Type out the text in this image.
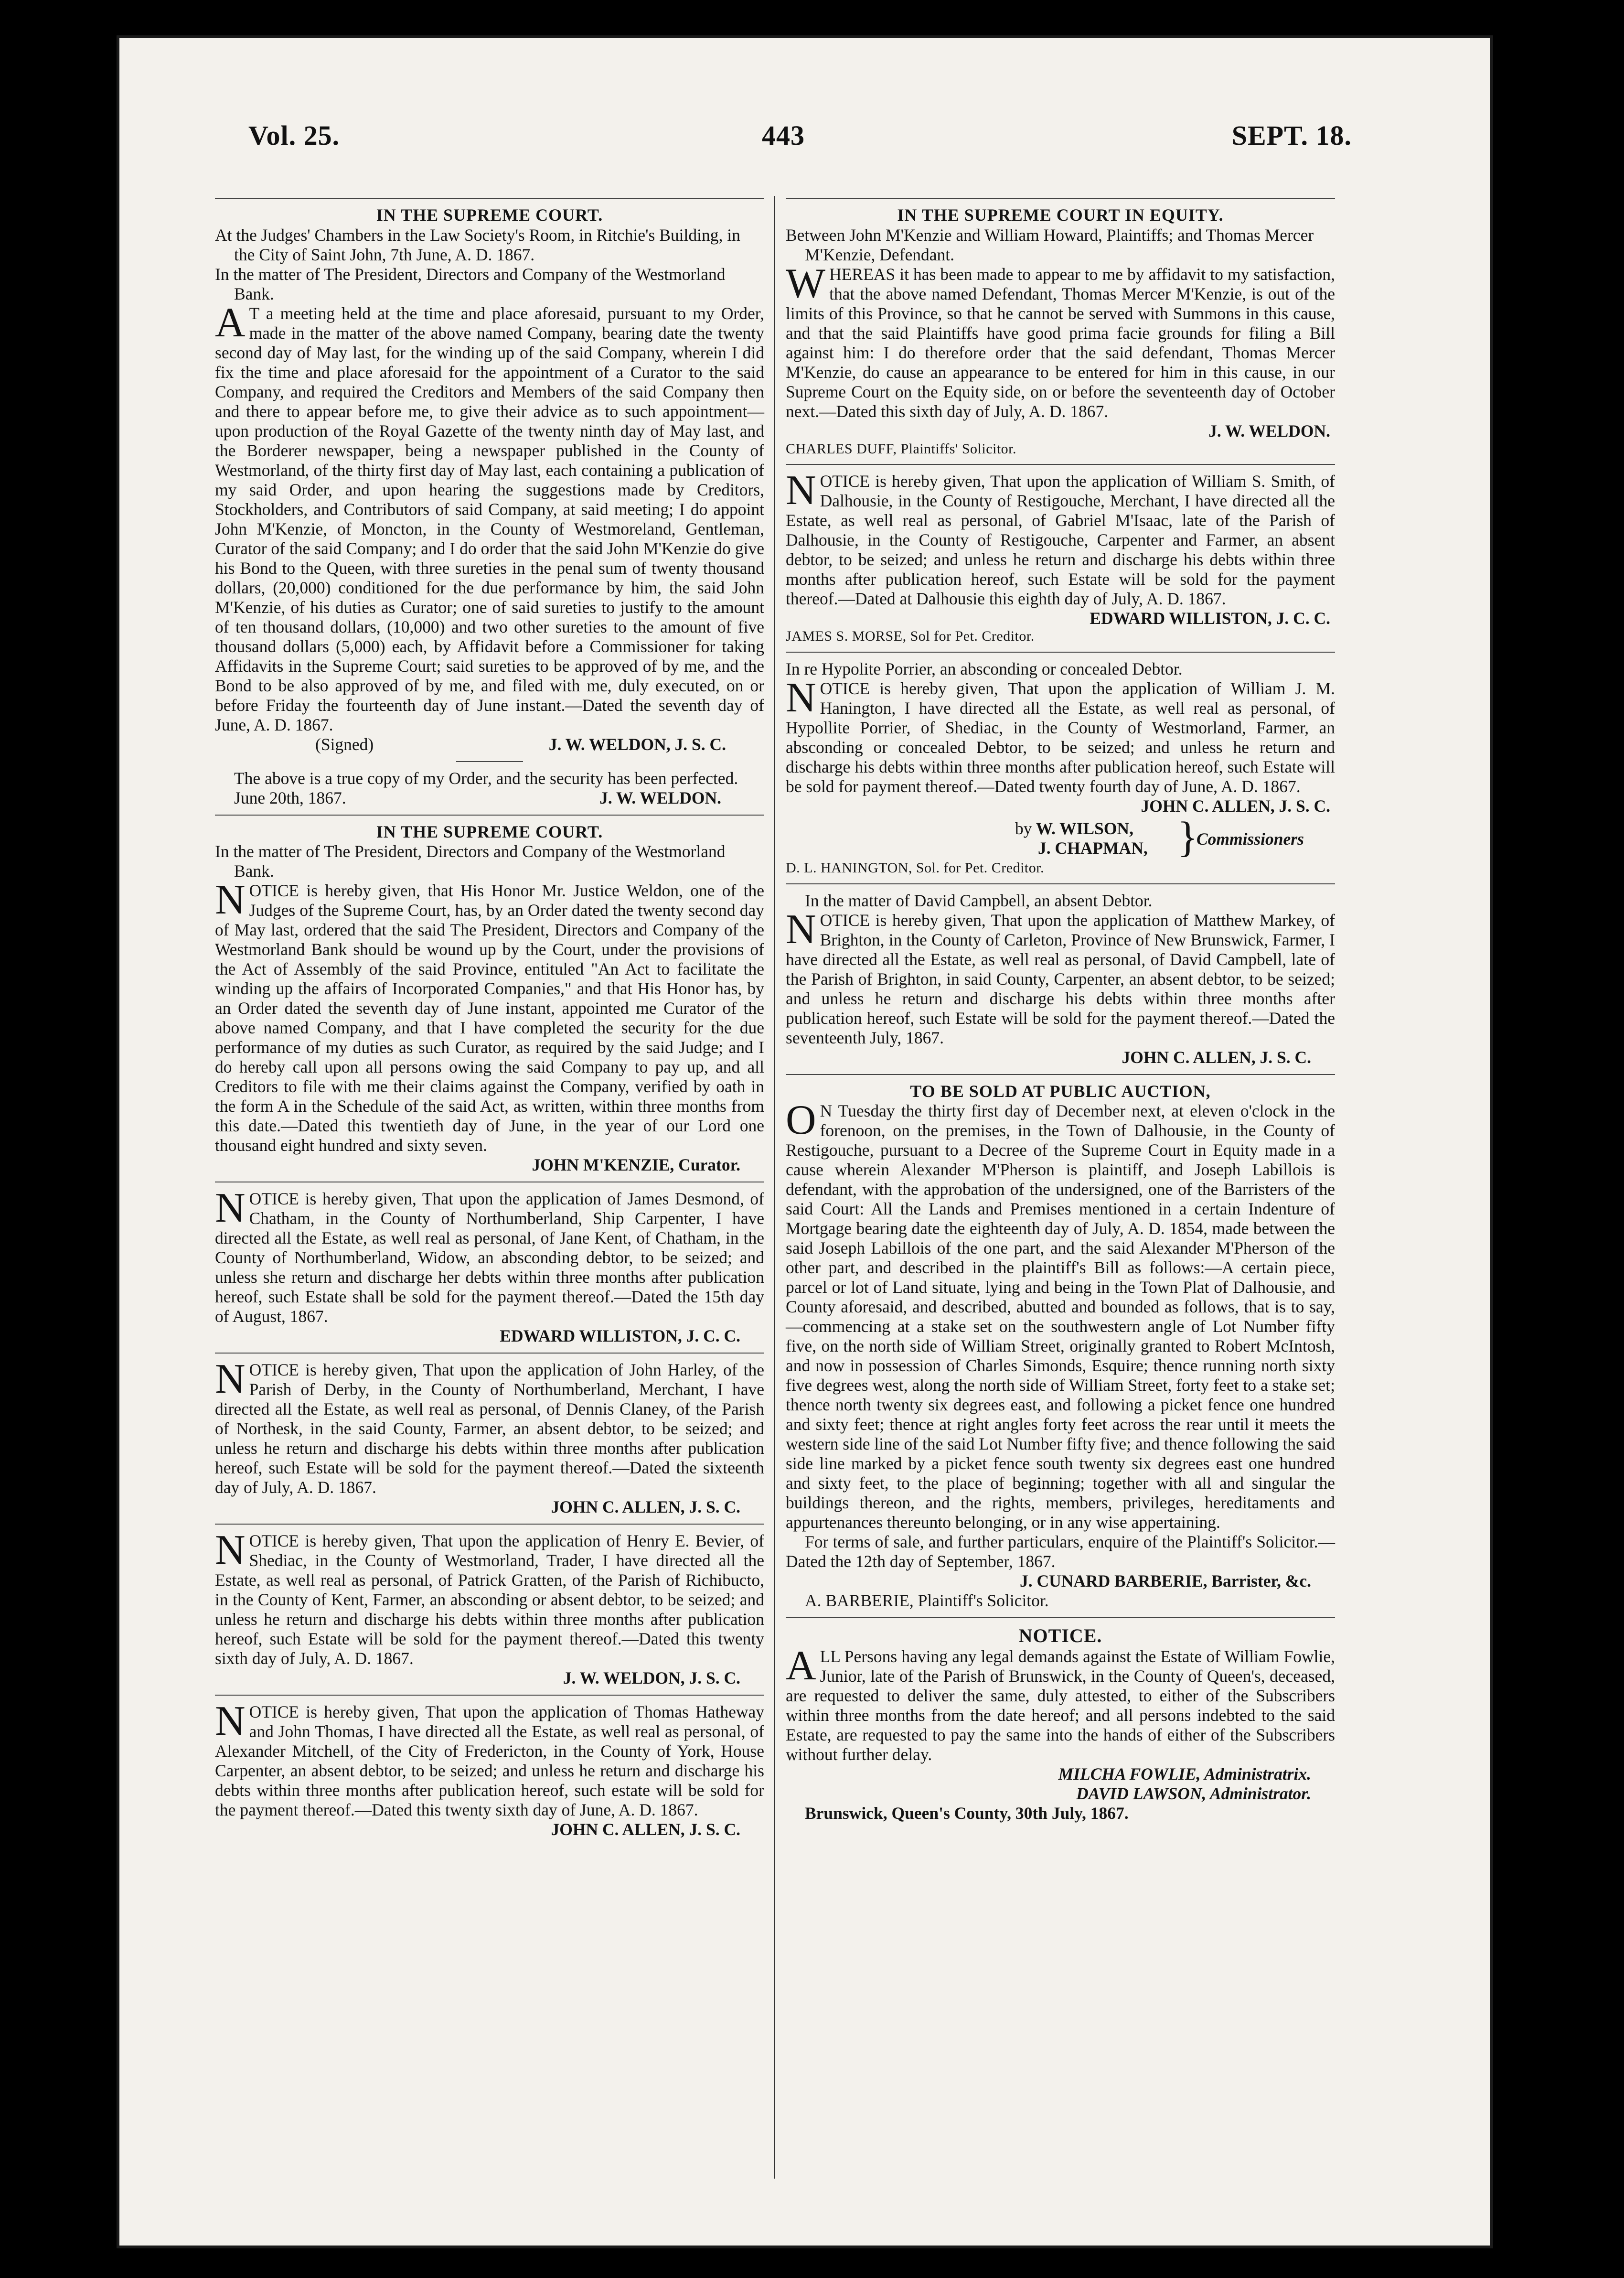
Vol. 25.	443	SEPT. 18.

IN THE SUPREME COURT.

At the Judges' Chambers in the Law Society's Room, in Ritchie's Building, in the City of Saint John, 7th June, A. D. 1867.

In the matter of The President, Directors and Company of the Westmorland Bank.

AT a meeting held at the time and place aforesaid, pursuant to my Order, made in the matter of the above named Company, bearing date the twenty second day of May last, for the winding up of the said Company, wherein I did fix the time and place aforesaid for the appointment of a Curator to the said Company, and required the Creditors and Members of the said Company then and there to appear before me, to give their advice as to such appointment—upon production of the Royal Gazette of the twenty ninth day of May last, and the Borderer newspaper, being a newspaper published in the County of Westmorland, of the thirty first day of May last, each containing a publication of my said Order, and upon hearing the suggestions made by Creditors, Stockholders, and Contributors of said Company, at said meeting; I do appoint John M'Kenzie, of Moncton, in the County of Westmoreland, Gentleman, Curator of the said Company; and I do order that the said John M'Kenzie do give his Bond to the Queen, with three sureties in the penal sum of twenty thousand dollars, (20,000) conditioned for the due performance by him, the said John M'Kenzie, of his duties as Curator; one of said sureties to justify to the amount of ten thousand dollars, (10,000) and two other sureties to the amount of five thousand dollars (5,000) each, by Affidavit before a Commissioner for taking Affidavits in the Supreme Court; said sureties to be approved of by me, and the Bond to be also approved of by me, and filed with me, duly executed, on or before Friday the fourteenth day of June instant.—Dated the seventh day of June, A. D. 1867.

(Signed)	J. W. WELDON, J. S. C.

The above is a true copy of my Order, and the security has been perfected.

June 20th, 1867.	J. W. WELDON.

IN THE SUPREME COURT.

In the matter of The President, Directors and Company of the Westmorland Bank.

NOTICE is hereby given, that His Honor Mr. Justice Weldon, one of the Judges of the Supreme Court, has, by an Order dated the twenty second day of May last, ordered that the said The President, Directors and Company of the Westmorland Bank should be wound up by the Court, under the provisions of the Act of Assembly of the said Province, entituled "An Act to facilitate the winding up the affairs of Incorporated Companies," and that His Honor has, by an Order dated the seventh day of June instant, appointed me Curator of the above named Company, and that I have completed the security for the due performance of my duties as such Curator, as required by the said Judge; and I do hereby call upon all persons owing the said Company to pay up, and all Creditors to file with me their claims against the Company, verified by oath in the form A in the Schedule of the said Act, as written, within three months from this date.—Dated this twentieth day of June, in the year of our Lord one thousand eight hundred and sixty seven.

JOHN M'KENZIE, Curator.

NOTICE is hereby given, That upon the application of James Desmond, of Chatham, in the County of Northumberland, Ship Carpenter, I have directed all the Estate, as well real as personal, of Jane Kent, of Chatham, in the County of Northumberland, Widow, an absconding debtor, to be seized; and unless she return and discharge her debts within three months after publication hereof, such Estate shall be sold for the payment thereof.—Dated the 15th day of August, 1867.

EDWARD WILLISTON, J. C. C.

NOTICE is hereby given, That upon the application of John Harley, of the Parish of Derby, in the County of Northumberland, Merchant, I have directed all the Estate, as well real as personal, of Dennis Claney, of the Parish of Northesk, in the said County, Farmer, an absent debtor, to be seized; and unless he return and discharge his debts within three months after publication hereof, such Estate will be sold for the payment thereof.—Dated the sixteenth day of July, A. D. 1867.

JOHN C. ALLEN, J. S. C.

NOTICE is hereby given, That upon the application of Henry E. Bevier, of Shediac, in the County of Westmorland, Trader, I have directed all the Estate, as well real as personal, of Patrick Gratten, of the Parish of Richibucto, in the County of Kent, Farmer, an absconding or absent debtor, to be seized; and unless he return and discharge his debts within three months after publication hereof, such Estate will be sold for the payment thereof.—Dated this twenty sixth day of July, A. D. 1867.

J. W. WELDON, J. S. C.

NOTICE is hereby given, That upon the application of Thomas Hatheway and John Thomas, I have directed all the Estate, as well real as personal, of Alexander Mitchell, of the City of Fredericton, in the County of York, House Carpenter, an absent debtor, to be seized; and unless he return and discharge his debts within three months after publication hereof, such estate will be sold for the payment thereof.—Dated this twenty sixth day of June, A. D. 1867.

JOHN C. ALLEN, J. S. C.

IN THE SUPREME COURT IN EQUITY.

Between John M'Kenzie and William Howard, Plaintiffs; and Thomas Mercer M'Kenzie, Defendant.

WHEREAS it has been made to appear to me by affidavit to my satisfaction, that the above named Defendant, Thomas Mercer M'Kenzie, is out of the limits of this Province, so that he cannot be served with Summons in this cause, and that the said Plaintiffs have good prima facie grounds for filing a Bill against him: I do therefore order that the said defendant, Thomas Mercer M'Kenzie, do cause an appearance to be entered for him in this cause, in our Supreme Court on the Equity side, on or before the seventeenth day of October next.—Dated this sixth day of July, A. D. 1867.

J. W. WELDON.

CHARLES DUFF, Plaintiffs' Solicitor.

NOTICE is hereby given, That upon the application of William S. Smith, of Dalhousie, in the County of Restigouche, Merchant, I have directed all the Estate, as well real as personal, of Gabriel M'Isaac, late of the Parish of Dalhousie, in the County of Restigouche, Carpenter and Farmer, an absent debtor, to be seized; and unless he return and discharge his debts within three months after publication hereof, such Estate will be sold for the payment thereof.—Dated at Dalhousie this eighth day of July, A. D. 1867.

EDWARD WILLISTON, J. C. C.

JAMES S. MORSE, Sol for Pet. Creditor.

In re Hypolite Porrier, an absconding or concealed Debtor.

NOTICE is hereby given, That upon the application of William J. M. Hanington, I have directed all the Estate, as well real as personal, of Hypollite Porrier, of Shediac, in the County of Westmorland, Farmer, an absconding or concealed Debtor, to be seized; and unless he return and discharge his debts within three months after publication hereof, such Estate will be sold for payment thereof.—Dated twenty fourth day of June, A. D. 1867.

JOHN C. ALLEN, J. S. C.

by W. WILSON,
J. CHAPMAN, }
Commissioners

D. L. HANINGTON, Sol. for Pet. Creditor.

In the matter of David Campbell, an absent Debtor.

NOTICE is hereby given, That upon the application of Matthew Markey, of Brighton, in the County of Carleton, Province of New Brunswick, Farmer, I have directed all the Estate, as well real as personal, of David Campbell, late of the Parish of Brighton, in said County, Carpenter, an absent debtor, to be seized; and unless he return and discharge his debts within three months after publication hereof, such Estate will be sold for the payment thereof.—Dated the seventeenth July, 1867.

JOHN C. ALLEN, J. S. C.

TO BE SOLD AT PUBLIC AUCTION,

ON Tuesday the thirty first day of December next, at eleven o'clock in the forenoon, on the premises, in the Town of Dalhousie, in the County of Restigouche, pursuant to a Decree of the Supreme Court in Equity made in a cause wherein Alexander M'Pherson is plaintiff, and Joseph Labillois is defendant, with the approbation of the undersigned, one of the Barristers of the said Court: All the Lands and Premises mentioned in a certain Indenture of Mortgage bearing date the eighteenth day of July, A. D. 1854, made between the said Joseph Labillois of the one part, and the said Alexander M'Pherson of the other part, and described in the plaintiff's Bill as follows:—A certain piece, parcel or lot of Land situate, lying and being in the Town Plat of Dalhousie, and County aforesaid, and described, abutted and bounded as follows, that is to say,—commencing at a stake set on the southwestern angle of Lot Number fifty five, on the north side of William Street, originally granted to Robert McIntosh, and now in possession of Charles Simonds, Esquire; thence running north sixty five degrees west, along the north side of William Street, forty feet to a stake set; thence north twenty six degrees east, and following a picket fence one hundred and sixty feet; thence at right angles forty feet across the rear until it meets the western side line of the said Lot Number fifty five; and thence following the said side line marked by a picket fence south twenty six degrees east one hundred and sixty feet, to the place of beginning; together with all and singular the buildings thereon, and the rights, members, privileges, hereditaments and appurtenances thereunto belonging, or in any wise appertaining.

For terms of sale, and further particulars, enquire of the Plaintiff's Solicitor.—Dated the 12th day of September, 1867.

J. CUNARD BARBERIE, Barrister, &c.

A. BARBERIE, Plaintiff's Solicitor.

NOTICE.

ALL Persons having any legal demands against the Estate of William Fowlie, Junior, late of the Parish of Brunswick, in the County of Queen's, deceased, are requested to deliver the same, duly attested, to either of the Subscribers within three months from the date hereof; and all persons indebted to the said Estate, are requested to pay the same into the hands of either of the Subscribers without further delay.

MILCHA FOWLIE, Administratrix.

DAVID LAWSON, Administrator.

Brunswick, Queen's County, 30th July, 1867.
